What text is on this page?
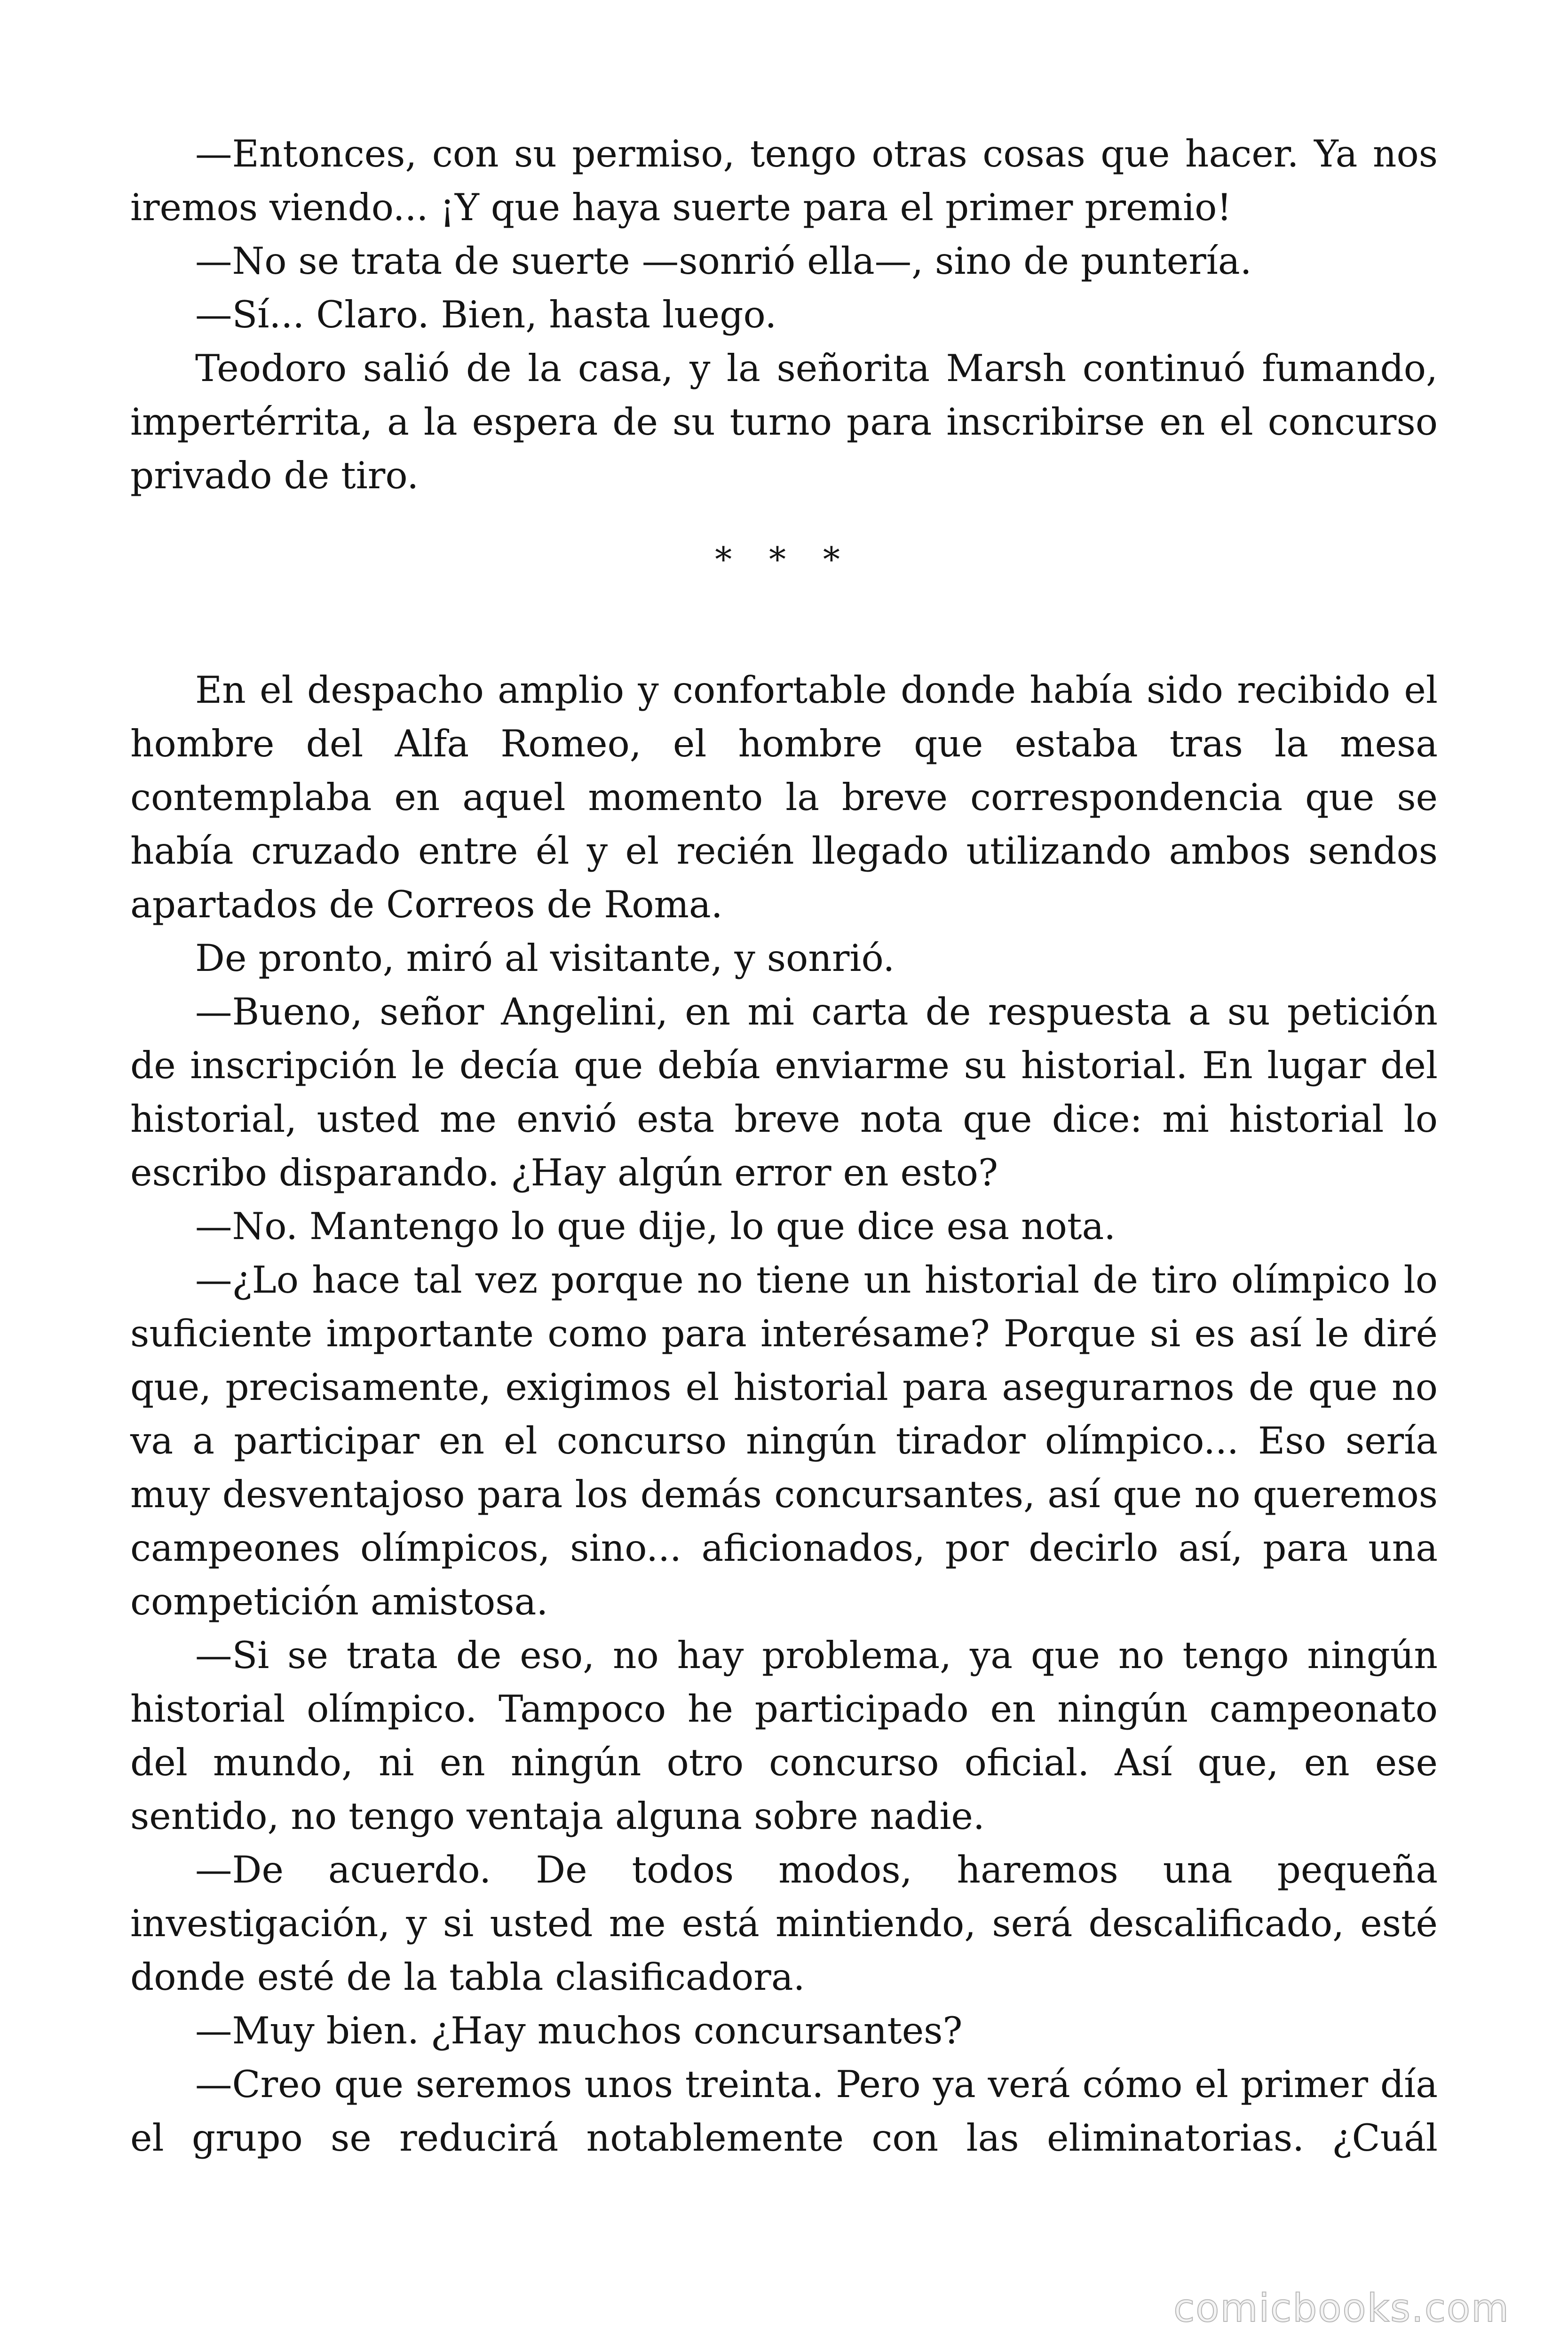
—Entonces, con su permiso, tengo otras cosas que hacer. Ya nos iremos viendo... ¡Y que haya suerte para el primer premio!

—No se trata de suerte —sonrió ella—, sino de puntería.

—Sí... Claro. Bien, hasta luego.

Teodoro salió de la casa, y la señorita Marsh continuó fumando, impertérrita, a la espera de su turno para inscribirse en el concurso privado de tiro.

* * *

En el despacho amplio y confortable donde había sido recibido el hombre del Alfa Romeo, el hombre que estaba tras la mesa contemplaba en aquel momento la breve correspondencia que se había cruzado entre él y el recién llegado utilizando ambos sendos apartados de Correos de Roma.

De pronto, miró al visitante, y sonrió.

—Bueno, señor Angelini, en mi carta de respuesta a su petición de inscripción le decía que debía enviarme su historial. En lugar del historial, usted me envió esta breve nota que dice: mi historial lo escribo disparando. ¿Hay algún error en esto?

—No. Mantengo lo que dije, lo que dice esa nota.

—¿Lo hace tal vez porque no tiene un historial de tiro olímpico lo suficiente importante como para interésame? Porque si es así le diré que, precisamente, exigimos el historial para asegurarnos de que no va a participar en el concurso ningún tirador olímpico... Eso sería muy desventajoso para los demás concursantes, así que no queremos campeones olímpicos, sino... aficionados, por decirlo así, para una competición amistosa.

—Si se trata de eso, no hay problema, ya que no tengo ningún historial olímpico. Tampoco he participado en ningún campeonato del mundo, ni en ningún otro concurso oficial. Así que, en ese sentido, no tengo ventaja alguna sobre nadie.

—De acuerdo. De todos modos, haremos una pequeña investigación, y si usted me está mintiendo, será descalificado, esté donde esté de la tabla clasificadora.

—Muy bien. ¿Hay muchos concursantes?

—Creo que seremos unos treinta. Pero ya verá cómo el primer día el grupo se reducirá notablemente con las eliminatorias. ¿Cuál

comicbooks.com
